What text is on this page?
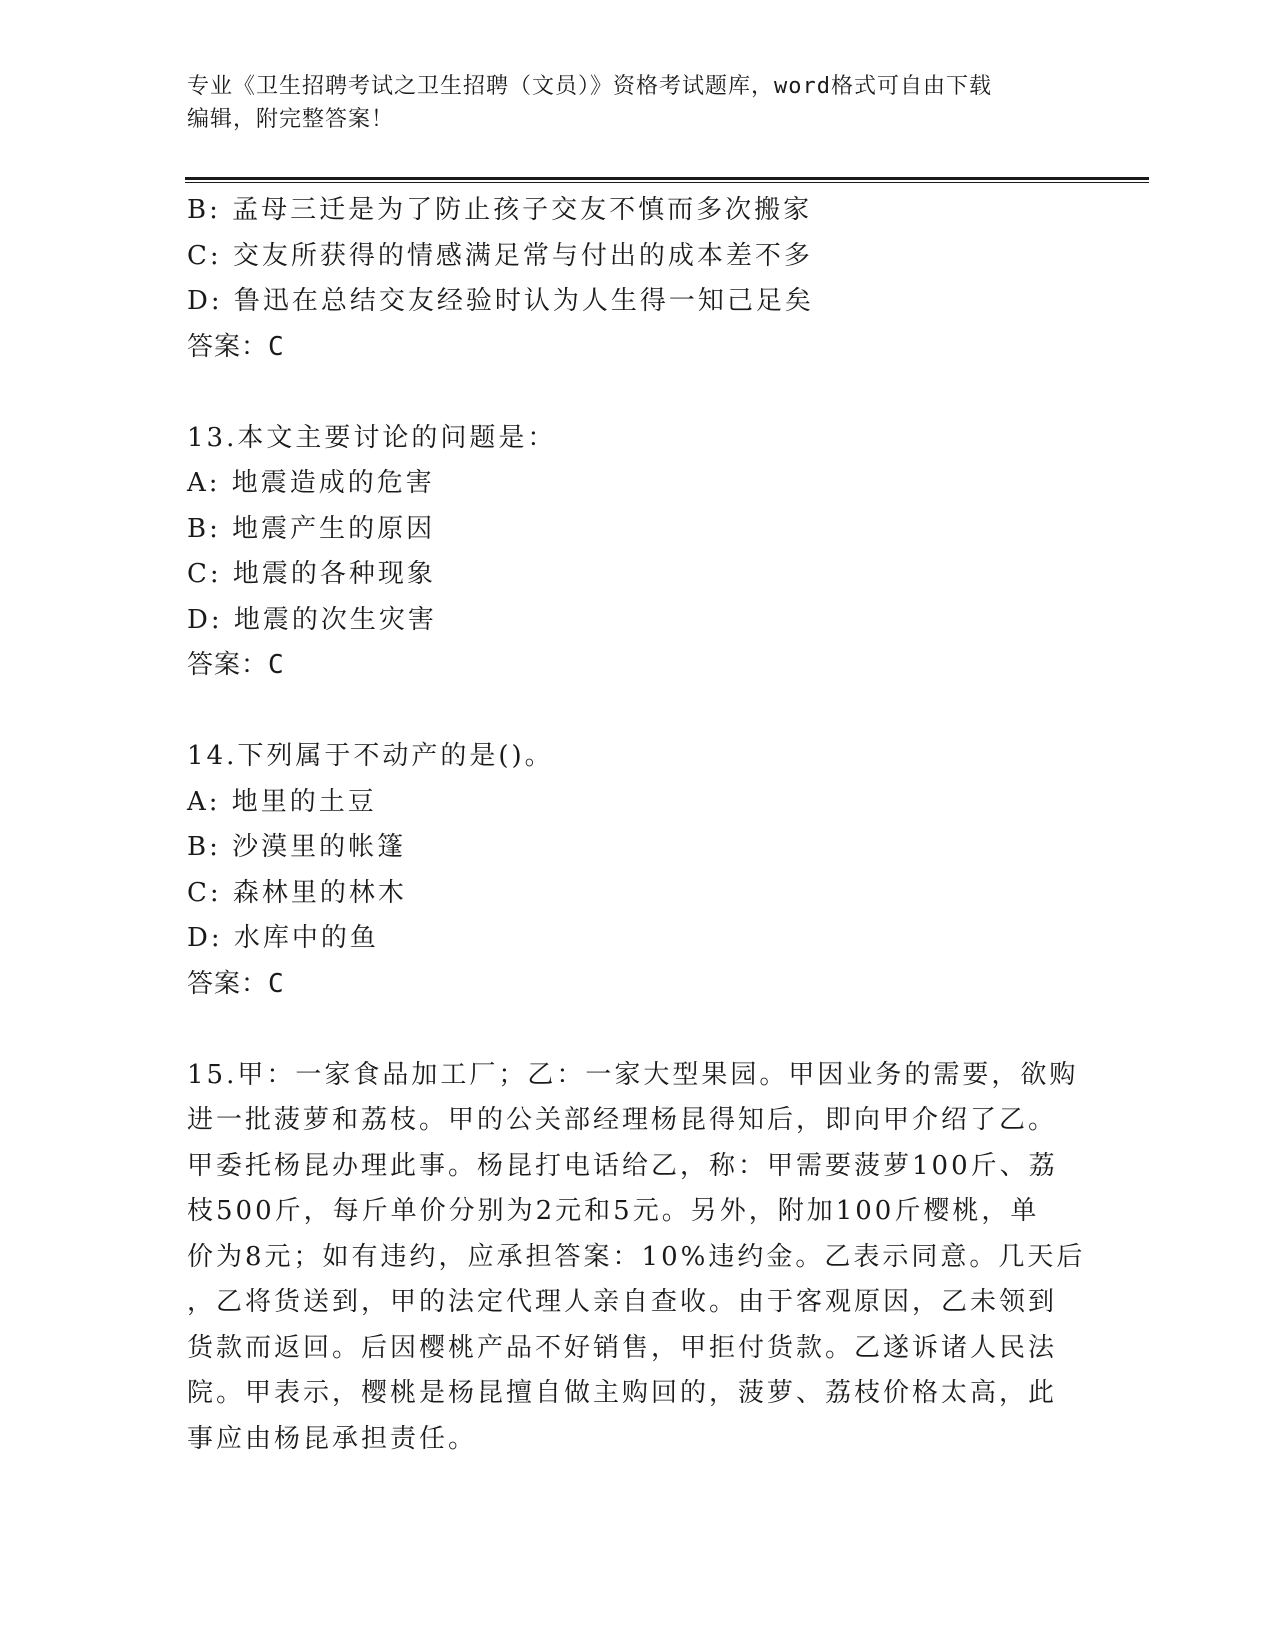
专业《卫生招聘考试之卫生招聘（文员）》资格考试题库，word格式可自由下载
编辑，附完整答案！
B: 孟母三迁是为了防止孩子交友不慎而多次搬家
C: 交友所获得的情感满足常与付出的成本差不多
D: 鲁迅在总结交友经验时认为人生得一知己足矣
答案：C
13.本文主要讨论的问题是：
A: 地震造成的危害
B: 地震产生的原因
C: 地震的各种现象
D: 地震的次生灾害
答案：C
14.下列属于不动产的是()。
A: 地里的土豆
B: 沙漠里的帐篷
C: 森林里的林木
D: 水库中的鱼
答案：C
15.甲：一家食品加工厂；乙：一家大型果园。甲因业务的需要，欲购
进一批菠萝和荔枝。甲的公关部经理杨昆得知后，即向甲介绍了乙。
甲委托杨昆办理此事。杨昆打电话给乙，称：甲需要菠萝100斤、荔
枝500斤，每斤单价分别为2元和5元。另外，附加100斤樱桃，单
价为8元；如有违约，应承担答案：10%违约金。乙表示同意。几天后
，乙将货送到，甲的法定代理人亲自查收。由于客观原因，乙未领到
货款而返回。后因樱桃产品不好销售，甲拒付货款。乙遂诉诸人民法
院。甲表示，樱桃是杨昆擅自做主购回的，菠萝、荔枝价格太高，此
事应由杨昆承担责任。
